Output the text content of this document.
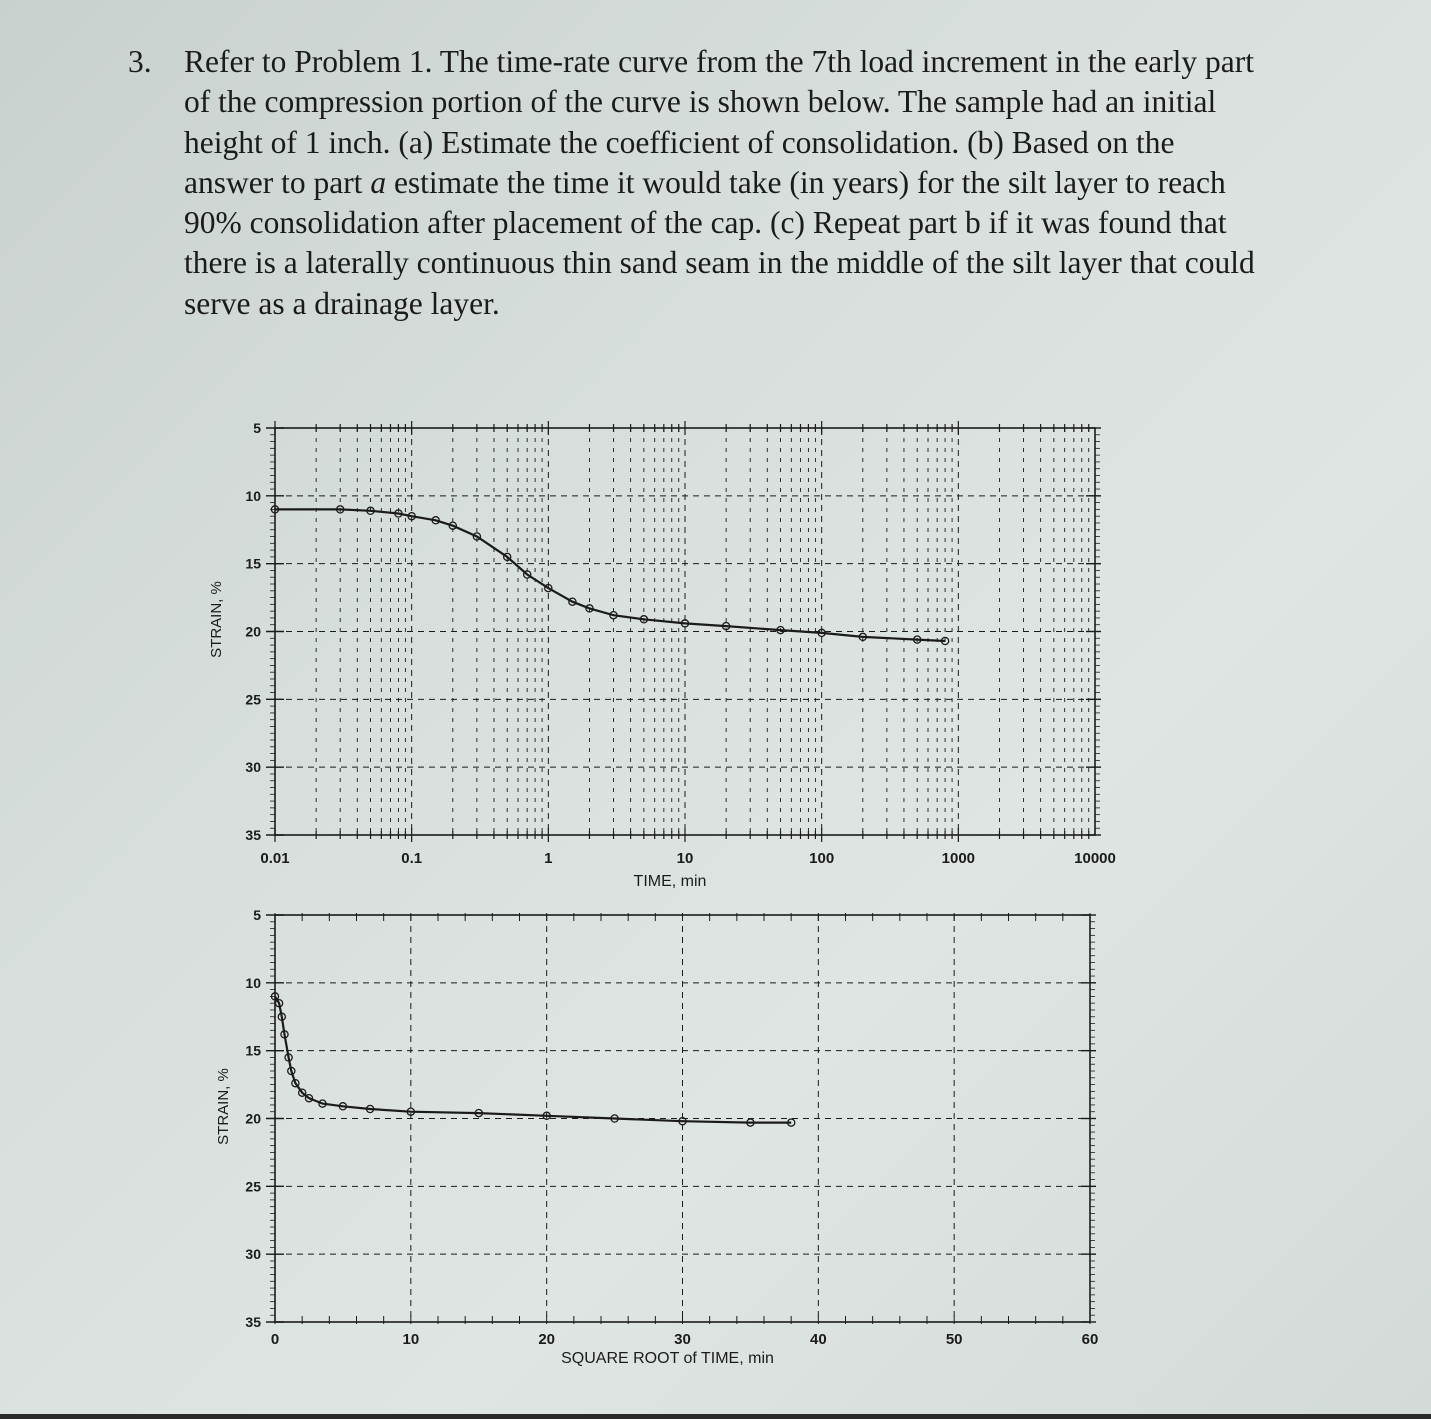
3. Refer to Problem 1. The time-rate curve from the 7th load increment in the early part
of the compression portion of the curve is shown below. The sample had an initial
height of 1 inch. (a) Estimate the coefficient of consolidation. (b) Based on the
answer to part a estimate the time it would take (in years) for the silt layer to reach
90% consolidation after placement of the cap. (c) Repeat part b if it was found that
there is a laterally continuous thin sand seam in the middle of the silt layer that could
serve as a drainage layer.
5
10
15
20
25
30
35
0.01	0.1	1	10	100	1000	10000
TIME, min
STRAIN, %
5
10
15
20
25
30
35
0	10	20	30	40	50	60
SQUARE ROOT of TIME, min
STRAIN, %
